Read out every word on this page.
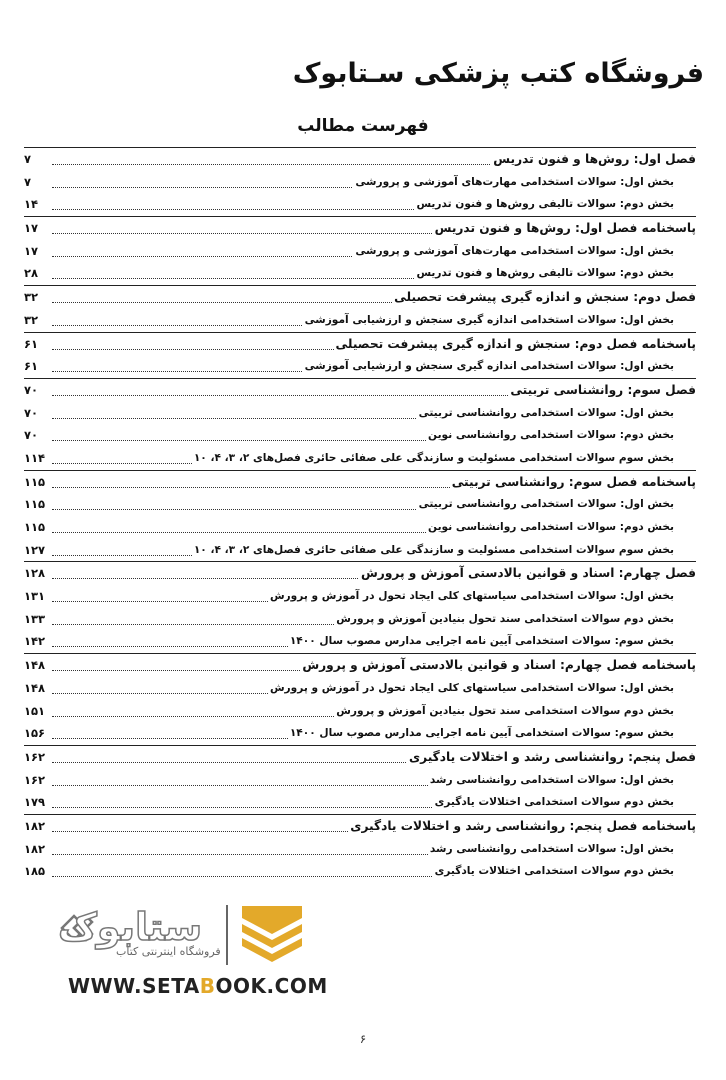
فروشگاه کتب پزشکی سـتابوک
فهرست مطالب
فصل اول: روش‌ها و فنون تدریس
۷
بخش اول: سوالات استخدامی مهارت‌های آموزشی و پرورشی
۷
بخش دوم: سوالات تالیفی روش‌ها و فنون تدریس
۱۴
پاسخنامه فصل اول: روش‌ها و فنون تدریس
۱۷
بخش اول: سوالات استخدامی مهارت‌های آموزشی و پرورشی
۱۷
بخش دوم: سوالات تالیفی روش‌ها و فنون تدریس
۲۸
فصل دوم: سنجش و اندازه گیری پیشرفت تحصیلی
۳۲
بخش اول: سوالات استخدامی اندازه گیری سنجش و ارزشیابی آموزشی
۳۲
پاسخنامه فصل دوم: سنجش و اندازه گیری پیشرفت تحصیلی
۶۱
بخش اول: سوالات استخدامی اندازه گیری سنجش و ارزشیابی آموزشی
۶۱
فصل سوم: روانشناسی تربیتی
۷۰
بخش اول: سوالات استخدامی روانشناسی تربیتی
۷۰
بخش دوم: سوالات استخدامی روانشناسی نوین
۷۰
بخش سوم سوالات استخدامی مسئولیت و سازندگی علی صفائی حائری فصل‌های ۲، ۳، ۴، ۱۰
۱۱۴
پاسخنامه فصل سوم: روانشناسی تربیتی
۱۱۵
بخش اول: سوالات استخدامی روانشناسی تربیتی
۱۱۵
بخش دوم: سوالات استخدامی روانشناسی نوین
۱۱۵
بخش سوم سوالات استخدامی مسئولیت و سازندگی علی صفائی حائری فصل‌های ۲، ۳، ۴، ۱۰
۱۲۷
فصل چهارم: اسناد و قوانین بالادستی آموزش و پرورش
۱۲۸
بخش اول: سوالات استخدامی سیاستهای کلی ایجاد تحول در آموزش و پرورش
۱۳۱
بخش دوم سوالات استخدامی سند تحول بنیادین آموزش و پرورش
۱۳۳
بخش سوم: سوالات استخدامی آیین نامه اجرایی مدارس مصوب سال ۱۴۰۰
۱۴۲
پاسخنامه فصل چهارم: اسناد و قوانین بالادستی آموزش و پرورش
۱۴۸
بخش اول: سوالات استخدامی سیاستهای کلی ایجاد تحول در آموزش و پرورش
۱۴۸
بخش دوم سوالات استخدامی سند تحول بنیادین آموزش و پرورش
۱۵۱
بخش سوم: سوالات استخدامی آیین نامه اجرایی مدارس مصوب سال ۱۴۰۰
۱۵۶
فصل پنجم: روانشناسی رشد و اختلالات یادگیری
۱۶۲
بخش اول: سوالات استخدامی روانشناسی رشد
۱۶۲
بخش دوم سوالات استخدامی اختلالات یادگیری
۱۷۹
پاسخنامه فصل پنجم: روانشناسی رشد و اختلالات یادگیری
۱۸۲
بخش اول: سوالات استخدامی روانشناسی رشد
۱۸۲
بخش دوم سوالات استخدامی اختلالات یادگیری
۱۸۵
ستابوک
فروشگاه اینترنتی کتاب
WWW.SETABOOK.COM
۶
